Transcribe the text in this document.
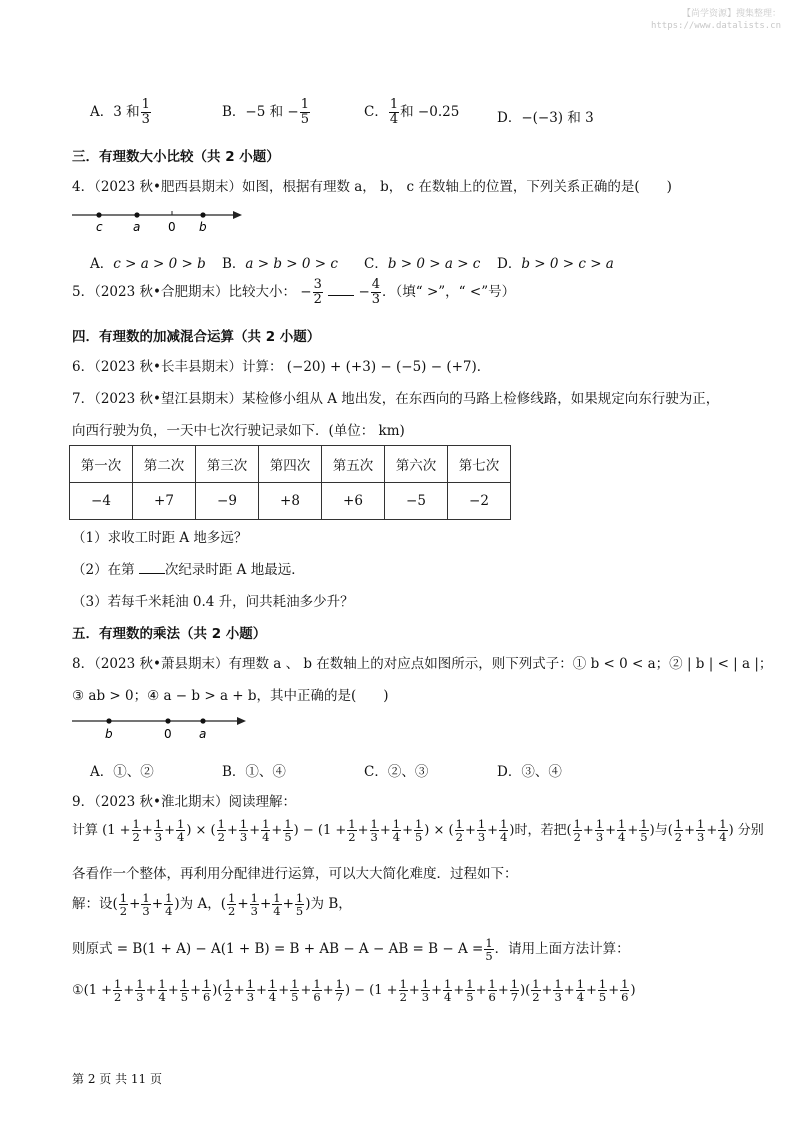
【尚学资源】搜集整理：
https://www.datalists.cn
A．3 和 $\frac{1}{3}$	B．−5 和 − $\frac{1}{5}$	C． $\frac{1}{4}$ 和 −0.25	D．−(−3) 和 3
三．有理数大小比较（共 2 小题）
4．（2023 秋•肥西县期末）如图，根据有理数 a， b， c 在数轴上的位置，下列关系正确的是(　　)
c	a 0 b
A．c > a > 0 > b B．a > b > 0 > c C．b > 0 > a > c D．b > 0 > c > a
5．（2023 秋•合肥期末）比较大小： − $\frac{3}{2}$	− $\frac{4}{3}$ ．（填“ >”，“ <”号）
四．有理数的加减混合运算（共 2 小题）
6．（2023 秋•长丰县期末）计算： (−20) + (+3) − (−5) − (+7)．
7．（2023 秋•望江县期末）某检修小组从 A 地出发，在东西向的马路上检修线路，如果规定向东行驶为正，
向西行驶为负，一天中七次行驶记录如下．(单位： km)
第一次	第二次	第三次	第四次	第五次	第六次	第七次
−4	+7	−9	+8	+6	−5	−2
（1）求收工时距 A 地多远？
（2）在第 次纪录时距 A 地最远．
（3）若每千米耗油 0.4 升，问共耗油多少升？
五．有理数的乘法（共 2 小题）
8．（2023 秋•萧县期末）有理数 a 、 b 在数轴上的对应点如图所示，则下列式子：① b < 0 < a；② | b | < | a |；
③ ab > 0；④ a − b > a + b，其中正确的是(　　)
b	0 a
A．①、②	B．①、④	C．②、③	D．③、④
9．（2023 秋•淮北期末）阅读理解：
计算 ($1 + \frac{1}{2} + \frac{1}{3} + \frac{1}{4}$ ) × ( $\frac{1}{2} + \frac{1}{3} + \frac{1}{4} + \frac{1}{5}$ ) − ($1 + \frac{1}{2} + \frac{1}{3} + \frac{1}{4} + \frac{1}{5}$ ) × ( $\frac{1}{2} + \frac{1}{3} + \frac{1}{4}$ )时，若把( $\frac{1}{2} + \frac{1}{3} + \frac{1}{4} + \frac{1}{5}$ )与( $\frac{1}{2} + \frac{1}{3} + \frac{1}{4}$ ) 分别
各看作一个整体，再利用分配律进行运算，可以大大简化难度．过程如下：
解：设( $\frac{1}{2} + \frac{1}{3} + \frac{1}{4}$ )为 A，( $\frac{1}{2} + \frac{1}{3} + \frac{1}{4} + \frac{1}{5}$ )为 B，
则原式 = B(1 + A) − A(1 + B) = B + AB − A − AB = $B - A = \frac{1}{5}$ ．请用上面方法计算：
①(1 + $\frac{1}{2} + \frac{1}{3} + \frac{1}{4} + \frac{1}{5} + \frac{1}{6}$ )( $\frac{1}{2} + \frac{1}{3} + \frac{1}{4} + \frac{1}{5} + \frac{1}{6} + \frac{1}{7}$ ) − ($1 + \frac{1}{2} + \frac{1}{3} + \frac{1}{4} + \frac{1}{5} + \frac{1}{6} + \frac{1}{7}$ )( $\frac{1}{2} + \frac{1}{3} + \frac{1}{4} + \frac{1}{5} + \frac{1}{6}$ )
第 2 页 共 11 页
